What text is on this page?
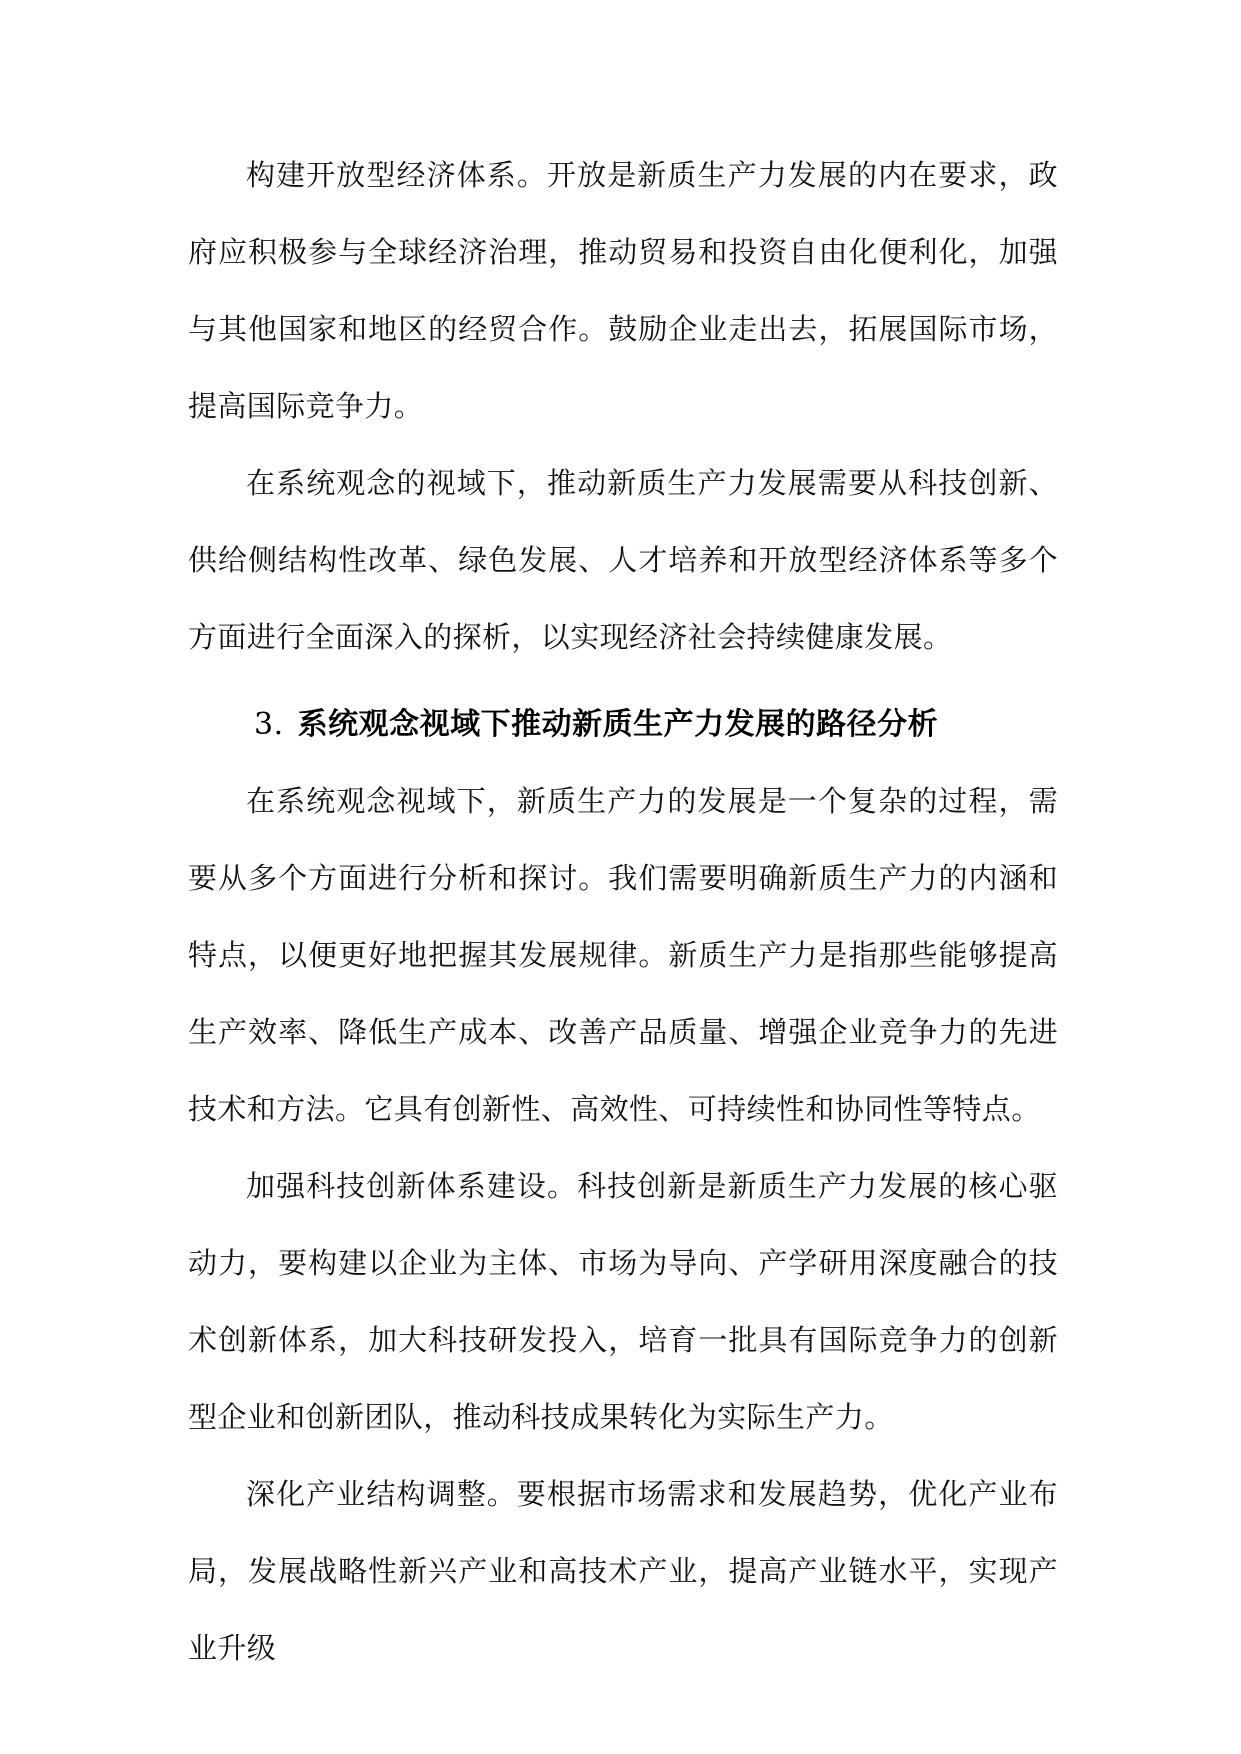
构建开放型经济体系。开放是新质生产力发展的内在要求，政府应积极参与全球经济治理，推动贸易和投资自由化便利化，加强与其他国家和地区的经贸合作。鼓励企业走出去，拓展国际市场，提高国际竞争力。

在系统观念的视域下，推动新质生产力发展需要从科技创新、供给侧结构性改革、绿色发展、人才培养和开放型经济体系等多个方面进行全面深入的探析，以实现经济社会持续健康发展。

3. 系统观念视域下推动新质生产力发展的路径分析

在系统观念视域下，新质生产力的发展是一个复杂的过程，需要从多个方面进行分析和探讨。我们需要明确新质生产力的内涵和特点，以便更好地把握其发展规律。新质生产力是指那些能够提高生产效率、降低生产成本、改善产品质量、增强企业竞争力的先进技术和方法。它具有创新性、高效性、可持续性和协同性等特点。

加强科技创新体系建设。科技创新是新质生产力发展的核心驱动力，要构建以企业为主体、市场为导向、产学研用深度融合的技术创新体系，加大科技研发投入，培育一批具有国际竞争力的创新型企业和创新团队，推动科技成果转化为实际生产力。

深化产业结构调整。要根据市场需求和发展趋势，优化产业布局，发展战略性新兴产业和高技术产业，提高产业链水平，实现产业升级
